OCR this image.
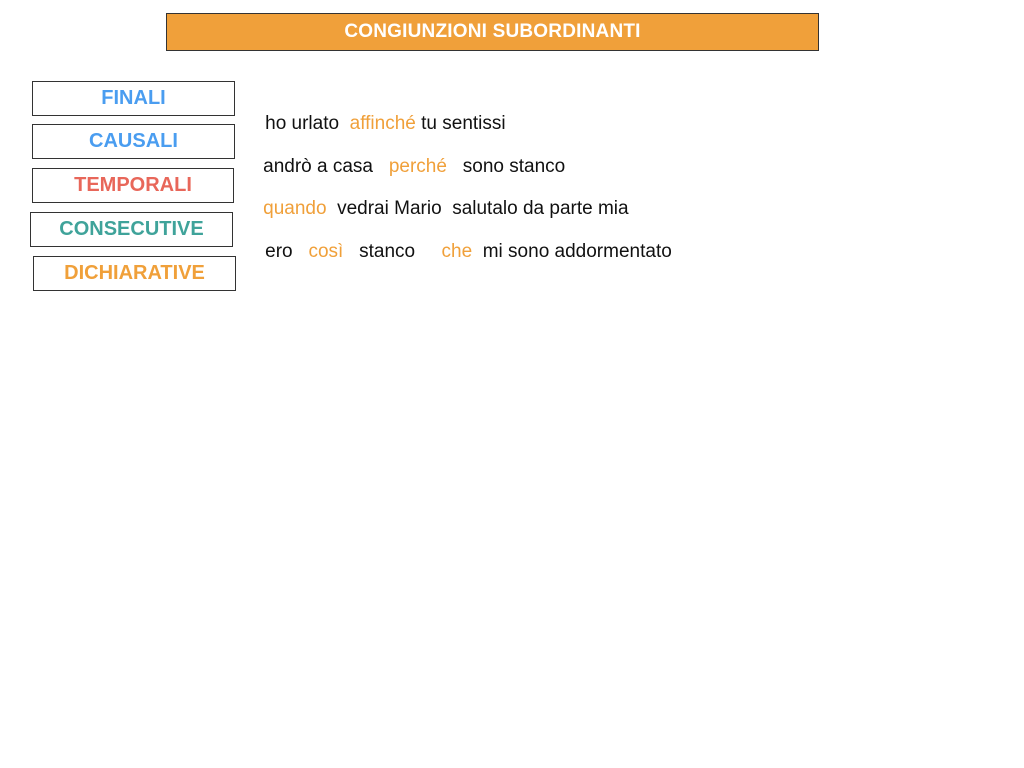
CONGIUNZIONI SUBORDINANTI
FINALI
CAUSALI
TEMPORALI
CONSECUTIVE
DICHIARATIVE

ho urlato affinché tu sentissi

andrò a casa perché sono stanco

quando vedrai Mario salutalo da parte mia

ero così stanco che mi sono addormentato
